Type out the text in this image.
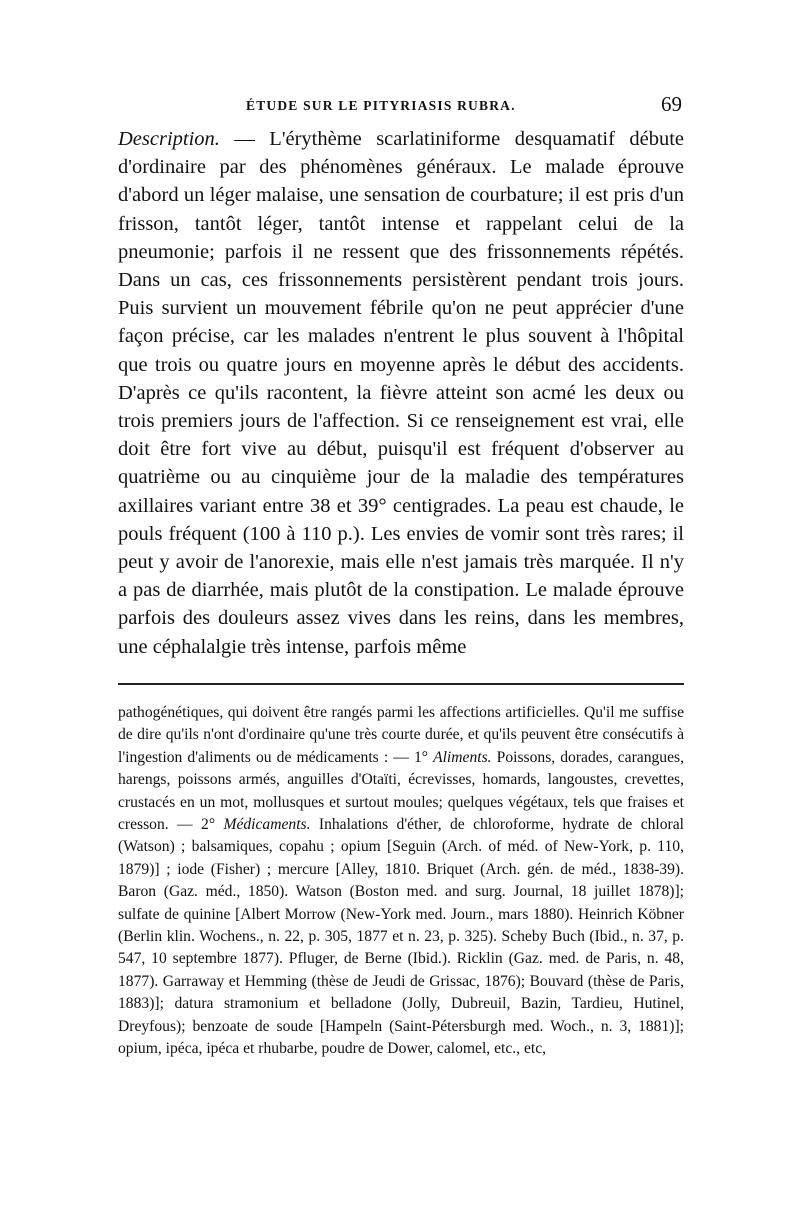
ÉTUDE SUR LE PITYRIASIS RUBRA.	69

Description. — L'érythème scarlatiniforme desquamatif débute d'ordinaire par des phénomènes généraux. Le malade éprouve d'abord un léger malaise, une sensation de courbature; il est pris d'un frisson, tantôt léger, tantôt intense et rappelant celui de la pneumonie; parfois il ne ressent que des frissonnements répétés. Dans un cas, ces frissonnements persistèrent pendant trois jours. Puis survient un mouvement fébrile qu'on ne peut apprécier d'une façon précise, car les malades n'entrent le plus souvent à l'hôpital que trois ou quatre jours en moyenne après le début des accidents. D'après ce qu'ils racontent, la fièvre atteint son acmé les deux ou trois premiers jours de l'affection. Si ce renseignement est vrai, elle doit être fort vive au début, puisqu'il est fréquent d'observer au quatrième ou au cinquième jour de la maladie des températures axillaires variant entre 38 et 39° centigrades. La peau est chaude, le pouls fréquent (100 à 110 p.). Les envies de vomir sont très rares; il peut y avoir de l'anorexie, mais elle n'est jamais très marquée. Il n'y a pas de diarrhée, mais plutôt de la constipation. Le malade éprouve parfois des douleurs assez vives dans les reins, dans les membres, une céphalalgie très intense, parfois même

pathogénétiques, qui doivent être rangés parmi les affections artificielles. Qu'il me suffise de dire qu'ils n'ont d'ordinaire qu'une très courte durée, et qu'ils peuvent être consécutifs à l'ingestion d'aliments ou de médicaments : — 1° Aliments. Poissons, dorades, carangues, harengs, poissons armés, anguilles d'Otaïti, écrevisses, homards, langoustes, crevettes, crustacés en un mot, mollusques et surtout moules; quelques végétaux, tels que fraises et cresson. — 2° Médicaments. Inhalations d'éther, de chloroforme, hydrate de chloral (Watson) ; balsamiques, copahu ; opium [Seguin (Arch. of méd. of New-York, p. 110, 1879)] ; iode (Fisher) ; mercure [Alley, 1810. Briquet (Arch. gén. de méd., 1838-39). Baron (Gaz. méd., 1850). Watson (Boston med. and surg. Journal, 18 juillet 1878)]; sulfate de quinine [Albert Morrow (New-York med. Journ., mars 1880). Heinrich Köbner (Berlin klin. Wochens., n. 22, p. 305, 1877 et n. 23, p. 325). Scheby Buch (Ibid., n. 37, p. 547, 10 septembre 1877). Pfluger, de Berne (Ibid.). Ricklin (Gaz. med. de Paris, n. 48, 1877). Garraway et Hemming (thèse de Jeudi de Grissac, 1876); Bouvard (thèse de Paris, 1883)]; datura stramonium et belladone (Jolly, Dubreuil, Bazin, Tardieu, Hutinel, Dreyfous); benzoate de soude [Hampeln (Saint-Pétersburgh med. Woch., n. 3, 1881)]; opium, ipéca, ipéca et rhubarbe, poudre de Dower, calomel, etc., etc,
